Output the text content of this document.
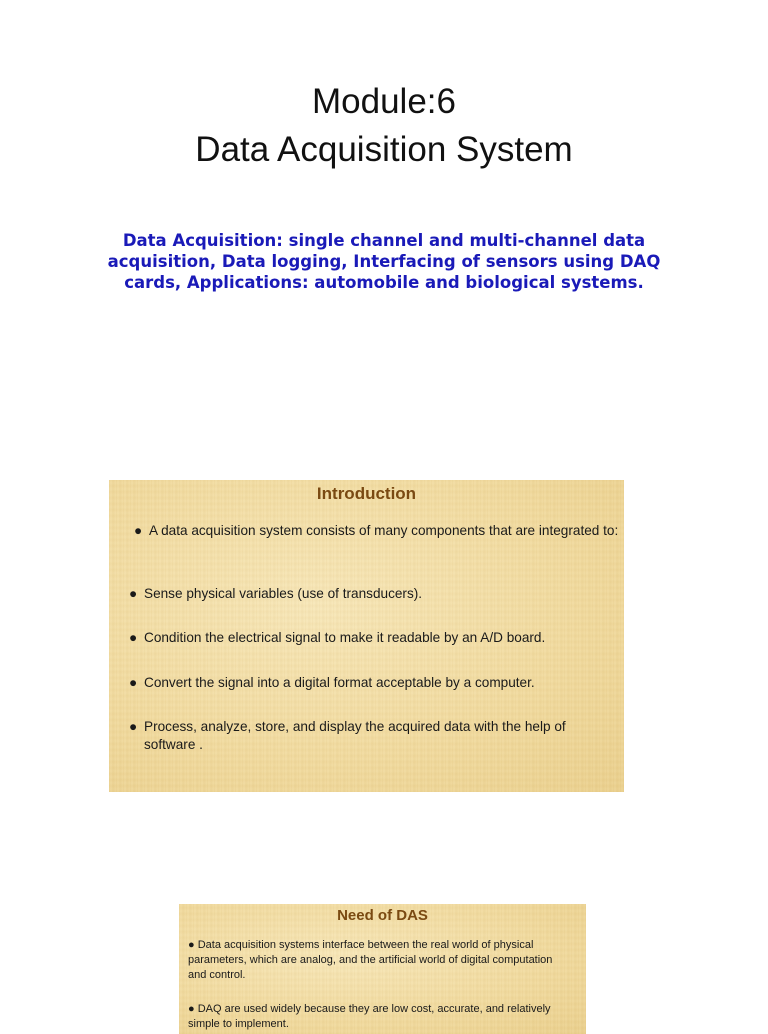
Module:6
Data Acquisition System
Data Acquisition: single channel and multi-channel data acquisition, Data logging, Interfacing of sensors using DAQ cards, Applications: automobile and biological systems.
Introduction
● A data acquisition system consists of many components that are integrated to:
● Sense physical variables (use of transducers).
● Condition the electrical signal to make it readable by an A/D board.
● Convert the signal into a digital format acceptable by a computer.
● Process, analyze, store, and display the acquired data with the help of software .
Need of DAS
● Data acquisition systems interface between the real world of physical parameters, which are analog, and the artificial world of digital computation and control.
● DAQ are used widely because they are low cost, accurate, and relatively simple to implement.
